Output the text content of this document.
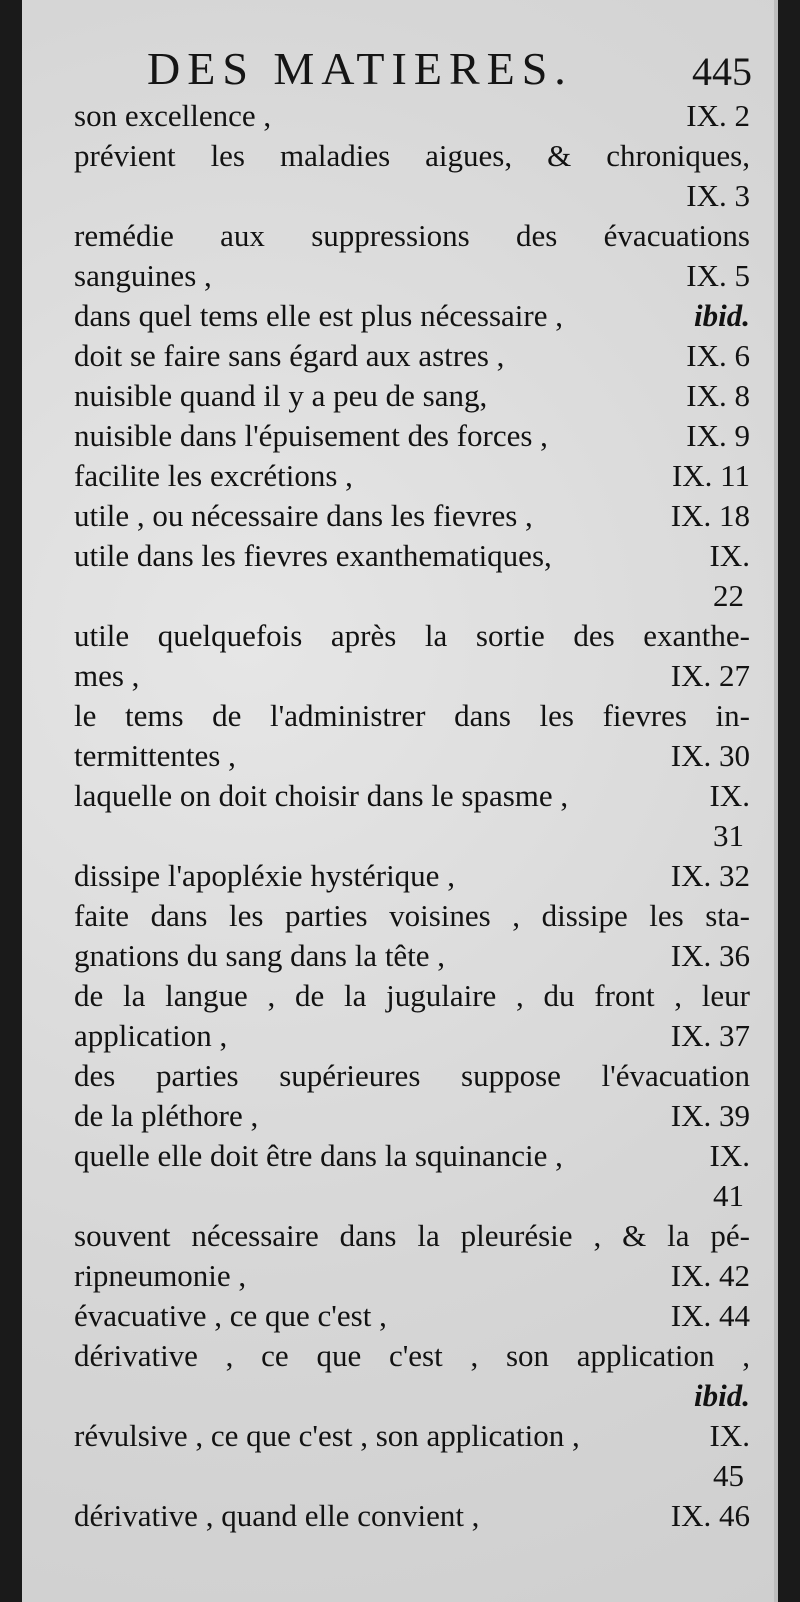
DES MATIERES.	445
son excellence ,	IX. 2
prévient les maladies aigues, & chroniques,
IX. 3
remédie aux suppressions des évacuations
sanguines ,	IX. 5
dans quel tems elle est plus nécessaire ,	ibid.
doit se faire sans égard aux astres ,	IX. 6
nuisible quand il y a peu de sang,	IX. 8
nuisible dans l'épuisement des forces ,	IX. 9
facilite les excrétions ,	IX. 11
utile , ou nécessaire dans les fievres ,	IX. 18
utile dans les fievres exanthematiques,	IX.
22
utile quelquefois après la sortie des exanthe-
mes ,	IX. 27
le tems de l'administrer dans les fievres in-
termittentes ,	IX. 30
laquelle on doit choisir dans le spasme ,	IX.
31
dissipe l'apopléxie hystérique ,	IX. 32
faite dans les parties voisines , dissipe les sta-
gnations du sang dans la tête ,	IX. 36
de la langue , de la jugulaire , du front , leur
application ,	IX. 37
des parties supérieures suppose l'évacuation
de la pléthore ,	IX. 39
quelle elle doit être dans la squinancie ,	IX.
41
souvent nécessaire dans la pleurésie , & la pé-
ripneumonie ,	IX. 42
évacuative , ce que c'est ,	IX. 44
dérivative , ce que c'est , son application ,
ibid.
révulsive , ce que c'est , son application ,	IX.
45
dérivative , quand elle convient ,	IX. 46
